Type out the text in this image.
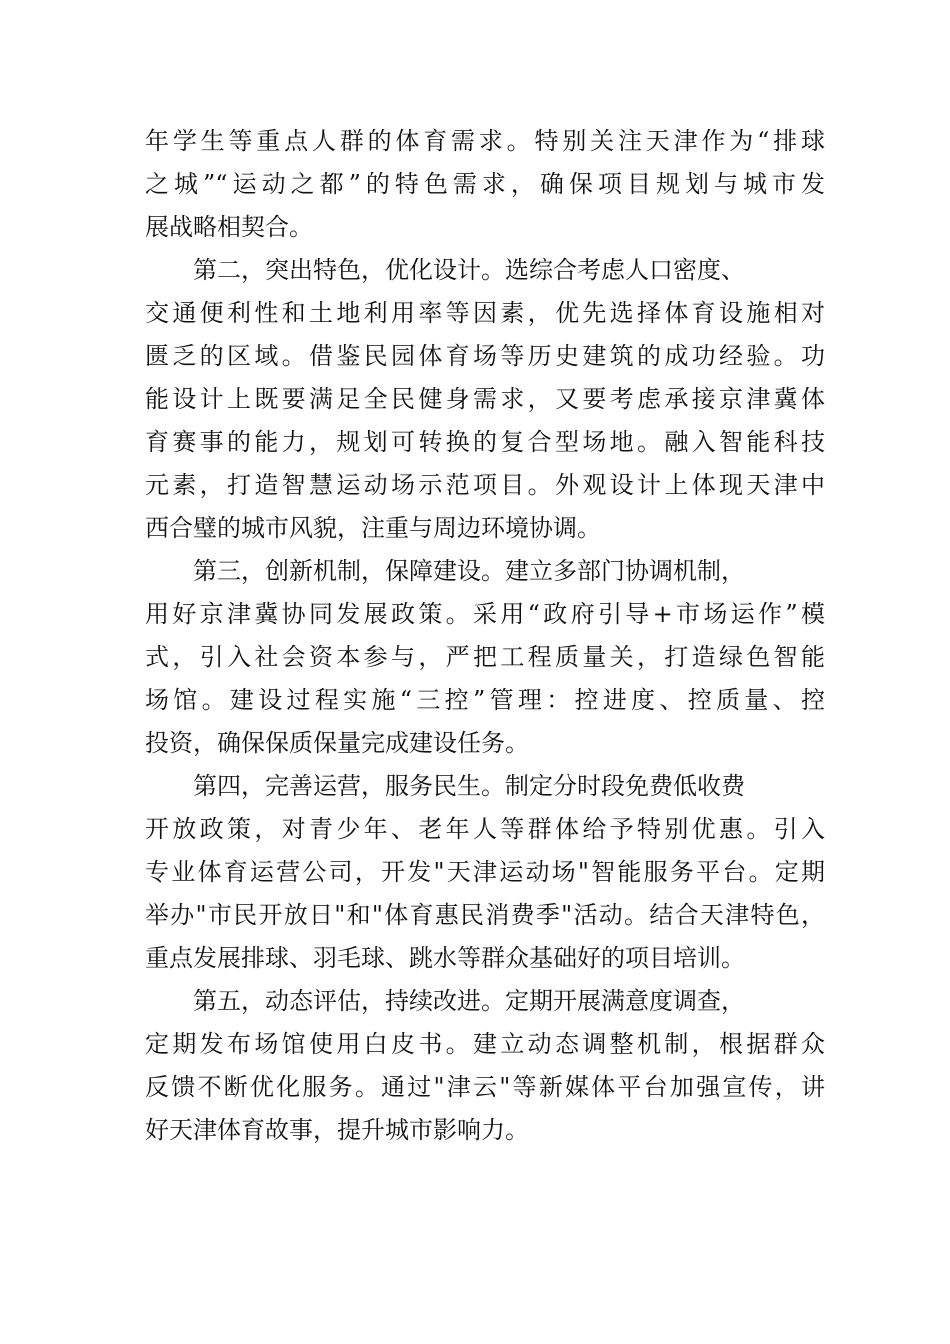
年学生等重点人群的体育需求。特别关注天津作为“排球
之城”“运动之都”的特色需求，确保项目规划与城市发
展战略相契合。
第二，突出特色，优化设计。选综合考虑人口密度、
交通便利性和土地利用率等因素，优先选择体育设施相对
匮乏的区域。借鉴民园体育场等历史建筑的成功经验。功
能设计上既要满足全民健身需求，又要考虑承接京津冀体
育赛事的能力，规划可转换的复合型场地。融入智能科技
元素，打造智慧运动场示范项目。外观设计上体现天津中
西合璧的城市风貌，注重与周边环境协调。
第三，创新机制，保障建设。建立多部门协调机制，
用好京津冀协同发展政策。采用“政府引导+市场运作”模
式，引入社会资本参与，严把工程质量关，打造绿色智能
场馆。建设过程实施“三控”管理：控进度、控质量、控
投资，确保保质保量完成建设任务。
第四，完善运营，服务民生。制定分时段免费低收费
开放政策，对青少年、老年人等群体给予特别优惠。引入
专业体育运营公司，开发"天津运动场"智能服务平台。定期
举办"市民开放日"和"体育惠民消费季"活动。结合天津特色，
重点发展排球、羽毛球、跳水等群众基础好的项目培训。
第五，动态评估，持续改进。定期开展满意度调查，
定期发布场馆使用白皮书。建立动态调整机制，根据群众
反馈不断优化服务。通过"津云"等新媒体平台加强宣传，讲
好天津体育故事，提升城市影响力。
